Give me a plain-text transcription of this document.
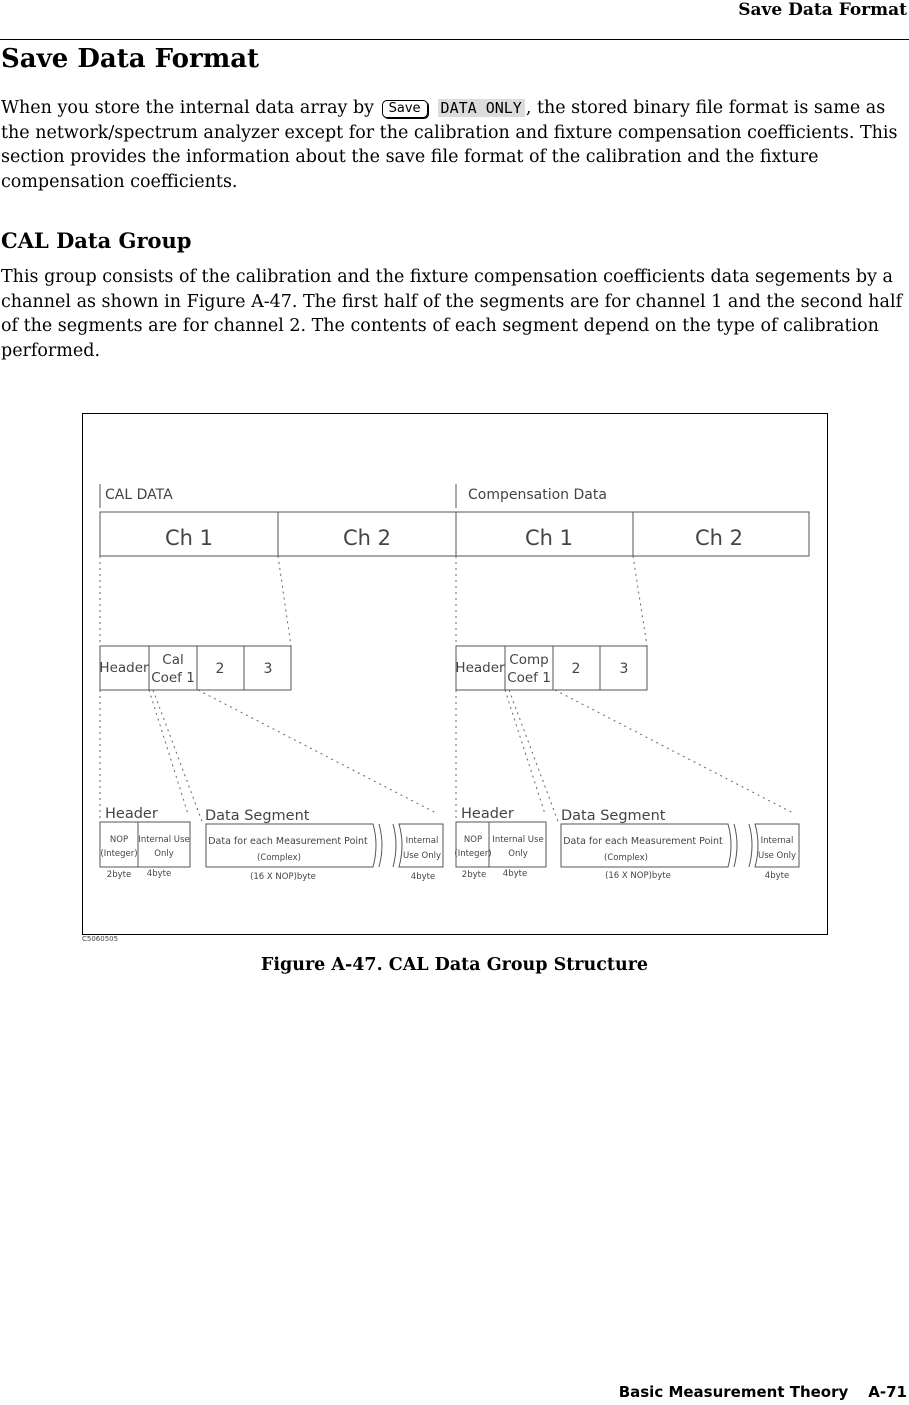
Save Data Format
Save Data Format
When you store the internal data array by Save DATA ONLY , the stored binary file format is same as the network/spectrum analyzer except for the calibration and fixture compensation coefficients. This section provides the information about the save file format of the calibration and the fixture compensation coefficients.
CAL Data Group
This group consists of the calibration and the fixture compensation coefficients data segements by a channel as shown in Figure A-47. The first half of the segments are for channel 1 and the second half of the segments are for channel 2. The contents of each segment depend on the type of calibration performed.
CAL DATA	Compensation Data
Ch 1	Ch 2	Ch 1	Ch 2
Header Cal
Coef 1
2	3	Header Comp
Coef 1
2	3
Header	Data Segment
NOP
(Integer)
Internal Use
Only
2byte 4byte
Data for each Measurement Point
(Complex)
Internal
Use Only
(16 X NOP)byte	4byte
Header	Data Segment
NOP
(Integer)
Internal Use
Only
2byte 4byte
Data for each Measurement Point
(Complex)
Internal
Use Only
(16 X NOP)byte	4byte
C5060505
Figure A-47. CAL Data Group Structure
Basic Measurement Theory A-71
